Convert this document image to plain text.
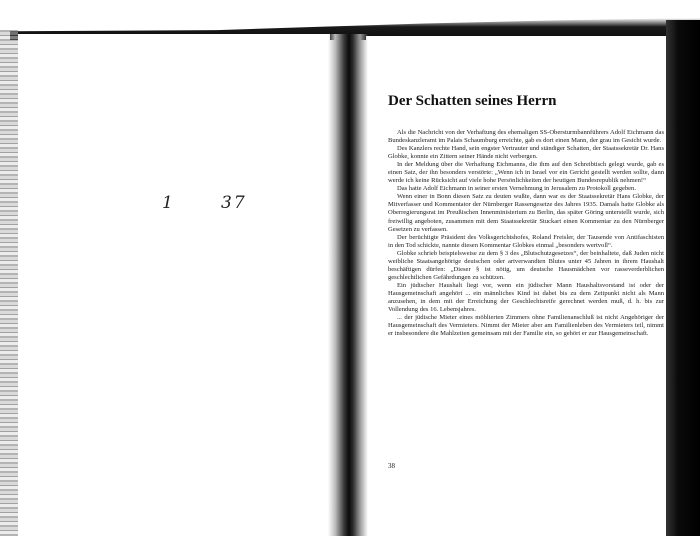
1	37
Der Schatten seines Herrn

Als die Nachricht von der Verhaftung des ehemaligen SS-Obersturmbannführers Adolf Eichmann das Bundeskanzleramt im Palais Schaumburg erreichte, gab es dort einen Mann, der grau im Gesicht wurde.

Des Kanzlers rechte Hand, sein engster Vertrauter und ständiger Schatten, der Staatssekretär Dr. Hans Globke, konnte ein Zittern seiner Hände nicht verbergen.

In der Meldung über die Verhaftung Eichmanns, die ihm auf den Schreibtisch gelegt wurde, gab es einen Satz, der ihn besonders verstörte: „Wenn ich in Israel vor ein Gericht gestellt werden sollte, dann werde ich keine Rücksicht auf viele hohe Persönlichkeiten der heutigen Bundesrepublik nehmen!“

Das hatte Adolf Eichmann in seiner ersten Vernehmung in Jerusalem zu Protokoll gegeben.

Wenn einer in Bonn diesen Satz zu deuten wußte, dann war es der Staatssekretär Hans Globke, der Mitverfasser und Kommentator der Nürnberger Rassengesetze des Jahres 1935. Damals hatte Globke als Oberregierungsrat im Preußischen Innenministerium zu Berlin, das später Göring unterstellt wurde, sich freiwillig angeboten, zusammen mit dem Staatssekretär Stuckart einen Kommentar zu den Nürnberger Gesetzen zu verfassen.

Der berüchtigte Präsident des Volksgerichtshofes, Roland Freisler, der Tausende von Antifaschisten in den Tod schickte, nannte diesen Kommentar Globkes einmal „besonders wertvoll“.

Globke schrieb beispielsweise zu dem § 3 des „Blutschutzgesetzes“, der beinhaltete, daß Juden nicht weibliche Staatsangehörige deutschen oder artverwandten Blutes unter 45 Jahren in ihrem Haushalt beschäftigen dürfen: „Dieser § ist nötig, um deutsche Hausmädchen vor rasseverderblichen geschlechtlichen Gefährdungen zu schützen.

Ein jüdischer Haushalt liegt vor, wenn ein jüdischer Mann Haushaltsvorstand ist oder der Hausgemeinschaft angehört ... ein männliches Kind ist dabei bis zu dem Zeitpunkt nicht als Mann anzusehen, in dem mit der Erreichung der Geschlechtsreife gerechnet werden muß, d. h. bis zur Vollendung des 16. Lebensjahres.

... der jüdische Mieter eines möblierten Zimmers ohne Familienanschluß ist nicht Angehöriger der Hausgemeinschaft des Vermieters. Nimmt der Mieter aber am Familienleben des Vermieters teil, nimmt er insbesondere die Mahlzeiten gemeinsam mit der Familie ein, so gehört er zur Hausgemeinschaft.

38
